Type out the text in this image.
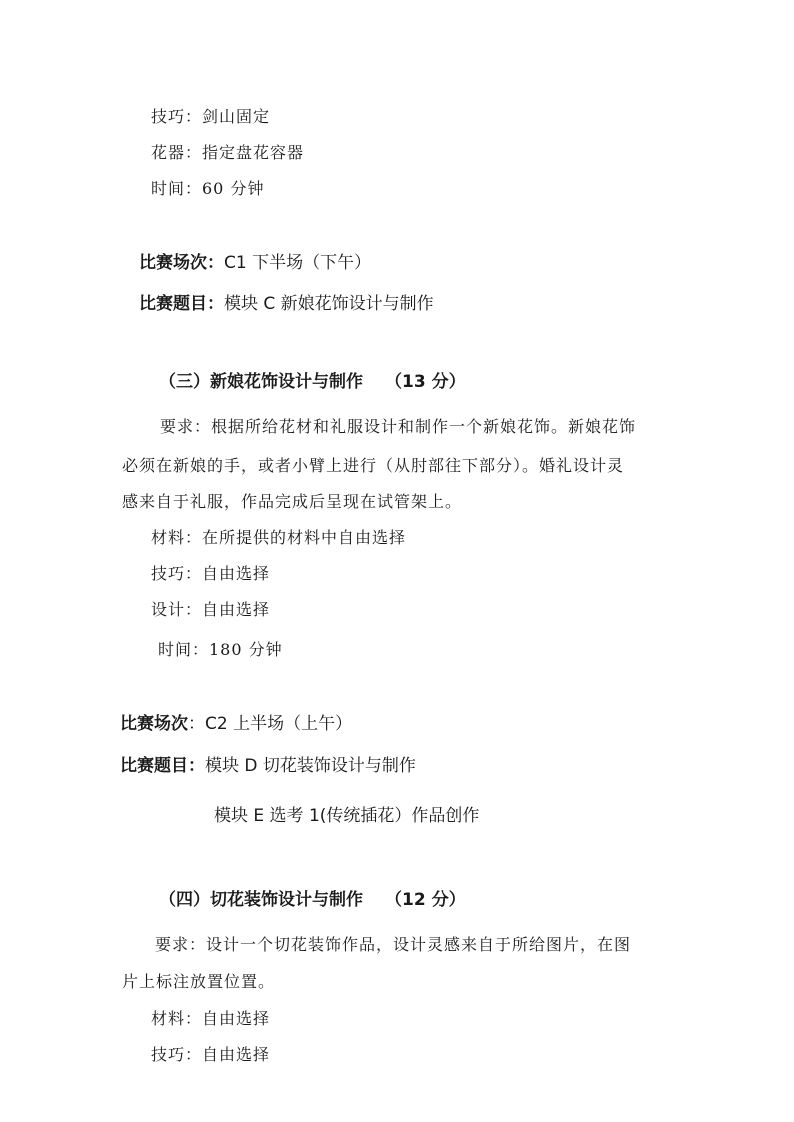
技巧：剑山固定
花器：指定盘花容器
时间：60 分钟
比赛场次：C1 下半场（下午）
比赛题目：模块 C 新娘花饰设计与制作
（三）新娘花饰设计与制作 （13 分）
要求：根据所给花材和礼服设计和制作一个新娘花饰。新娘花饰
必须在新娘的手，或者小臂上进行（从肘部往下部分）。婚礼设计灵
感来自于礼服，作品完成后呈现在试管架上。
材料：在所提供的材料中自由选择
技巧：自由选择
设计：自由选择
时间：180 分钟
比赛场次：C2 上半场（上午）
比赛题目：模块 D 切花装饰设计与制作
模块 E 选考 1(传统插花）作品创作
（四）切花装饰设计与制作 （12 分）
要求：设计一个切花装饰作品，设计灵感来自于所给图片，在图
片上标注放置位置。
材料：自由选择
技巧：自由选择
